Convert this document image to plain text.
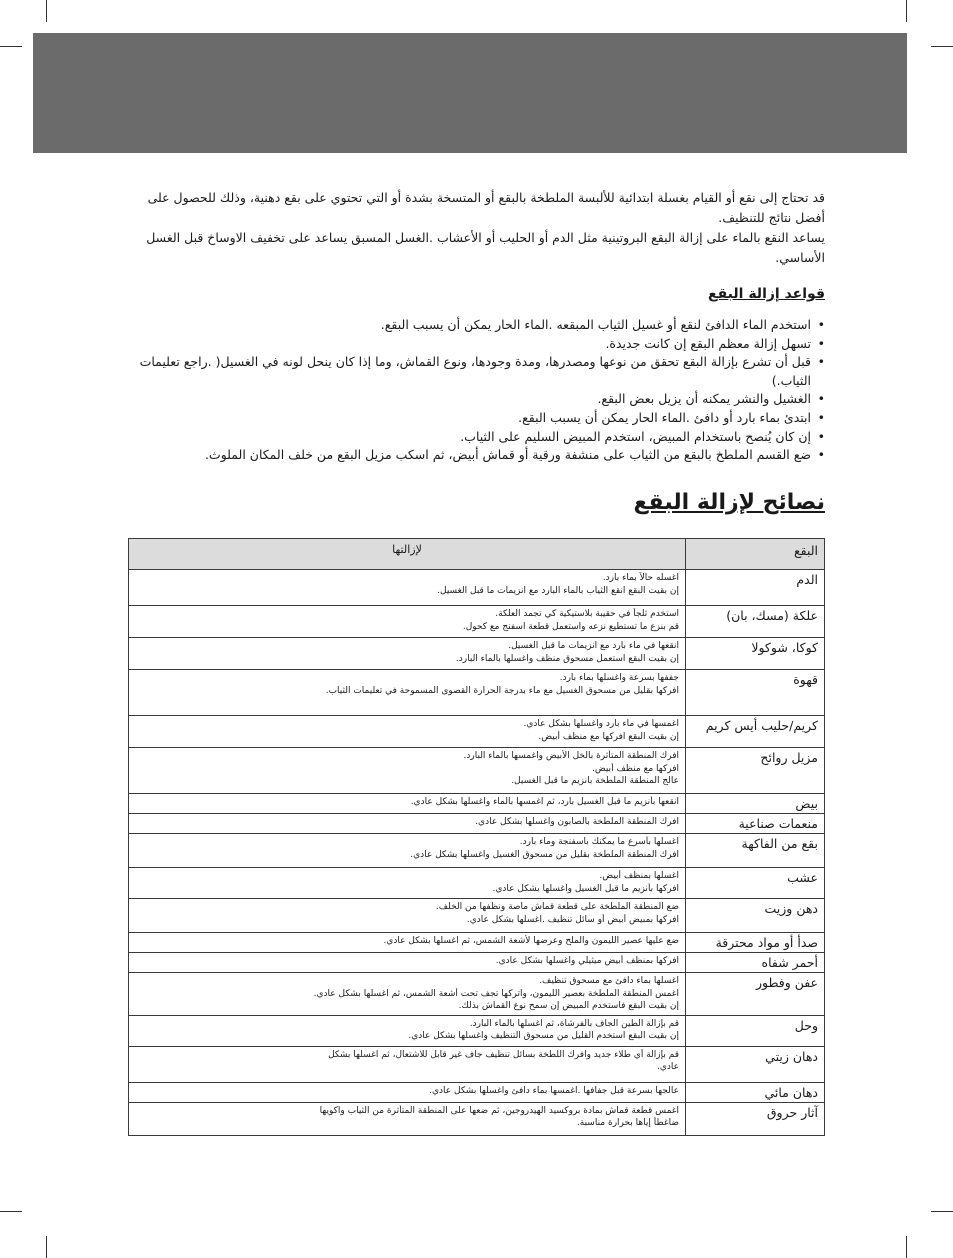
قد تحتاج إلى نقع أو القيام بغسلة ابتدائية للألبسة الملطخة بالبقع أو المتسخة بشدة أو التي تحتوي على بقع دهنية، وذلك للحصول على أفضل نتائج للتنظيف.

يساعد النقع بالماء على إزالة البقع البروتينية مثل الدم أو الحليب أو الأعشاب .الغسل المسبق يساعد على تخفيف الاوساخ قبل الغسل الأساسي.

قواعد إزالة البقع
• استخدم الماء الدافئ لنقع أو غسيل الثياب المبقعه .الماء الحار يمكن أن يسبب البقع.
• تسهل إزالة معظم البقع إن كانت جديدة.
• قبل أن تشرع بإزالة البقع تحقق من نوعها ومصدرها، ومدة وجودها، ونوع القماش، وما إذا كان ينحل لونه في الغسيل( .راجع تعليمات الثياب.)
• الغشيل والنشر يمكنه أن يزيل بعض البقع.
• ابتدئ بماء بارد أو دافئ .الماء الحار يمكن أن يسبب البقع.
• إن كان يُنصح باستخدام المبيض، استخدم المبيض السليم على الثياب.
• ضع القسم الملطخ بالبقع من الثياب على منشفة ورقية أو قماش أبيض، ثم اسكب مزيل البقع من خلف المكان الملوث.
نصائح لإزالة البقع
البقع	لإزالتها
الدم	اغسله حالاً بماء بارد.
إن بقيت البقع انقع الثياب بالماء البارد مع انزيمات ما قبل الغسيل.

علكة (مسك، بان)	استخدم ثلجاً في حقيبة بلاستيكية كي تجمد العلكة.
قم بنزع ما تستطيع نزعه واستعمل قطعة اسفنج مع كحول.

كوكا، شوكولا	انقعها في ماء بارد مع انزيمات ما قبل الغسيل.
إن بقيت البقع استعمل مسحوق منظف واغسلها بالماء البارد.

قهوة	جففها بسرعة واغسلها بماء بارد.
افركها بقليل من مسحوق الغسيل مع ماء بدرجة الحرارة القصوى المسموحة في تعليمات الثياب.

كريم/حليب أيس كريم	اغمسها في ماء بارد واغسلها بشكل عادي.
إن بقيت البقع افركها مع منظف أبيض.

مزيل روائح	افرك المنطقة المتأثرة بالخل الأبيض واغمسها بالماء البارد.
افركها مع منظف أبيض.
عالج المنطقة الملطخة بانزيم ما قبل الغسيل.

بيض	انقعها بأنزيم ما قبل الغسيل بارد، ثم اغمسها بالماء واغسلها بشكل عادي.

منعمات صناعية	افرك المنطقة الملطخة بالصابون واغسلها بشكل عادي.

بقع من الفاكهة	اغسلها بأسرع ما يمكنك باسفنجة وماء بارد.
افرك المنطقة الملطخة بقليل من مسحوق الغسيل واغسلها بشكل عادي.

عشب	اغسلها بمنظف أبيض.
افركها بأنزيم ما قبل الغسيل واغسلها بشكل عادي.

دهن وزيت	ضع المنطقة الملطخة على قطعة قماش ماصة ونظفها من الخلف.
افركها بمبيض أبيض أو سائل تنظيف .اغسلها بشكل عادي.

صدأ أو مواد محترقة	ضع عليها عصير الليمون والملح وعرضها لأشعة الشمس، ثم اغسلها بشكل عادي.

أحمر شفاه	افركها بمنظف أبيض ميثيلي واغسلها بشكل عادي.

عفن وفطور	اغسلها بماء دافئ مع مسحوق تنظيف.
اغمس المنطقة الملطخة بعصير الليمون، واتركها تجف تحت أشعة الشمس، ثم اغسلها بشكل عادي.
إن بقيت البقع فاستخدم المبيض إن سمح نوع القماش بذلك.

وحل	قم بإزالة الطين الجاف بالفرشاة، ثم اغسلها بالماء البارد.
إن بقيت البقع استخدم القليل من مسحوق التنظيف واغسلها بشكل عادي.

دهان زيتي	قم بإزالة أي طلاء جديد وافرك اللطخة بسائل تنظيف جاف غير قابل للاشتعال، ثم اغسلها بشكل
عادي.

دهان مائي	عالجها بسرعة قبل جفافها .اغمسها بماء دافئ واغسلها بشكل عادي.

آثار حروق	اغمس قطعة قماش بمادة بروكسيد الهيدروجين، ثم ضعها على المنطقة المتأثرة من الثياب واكويها
ضاغطاً إياها بحرارة مناسبة.
